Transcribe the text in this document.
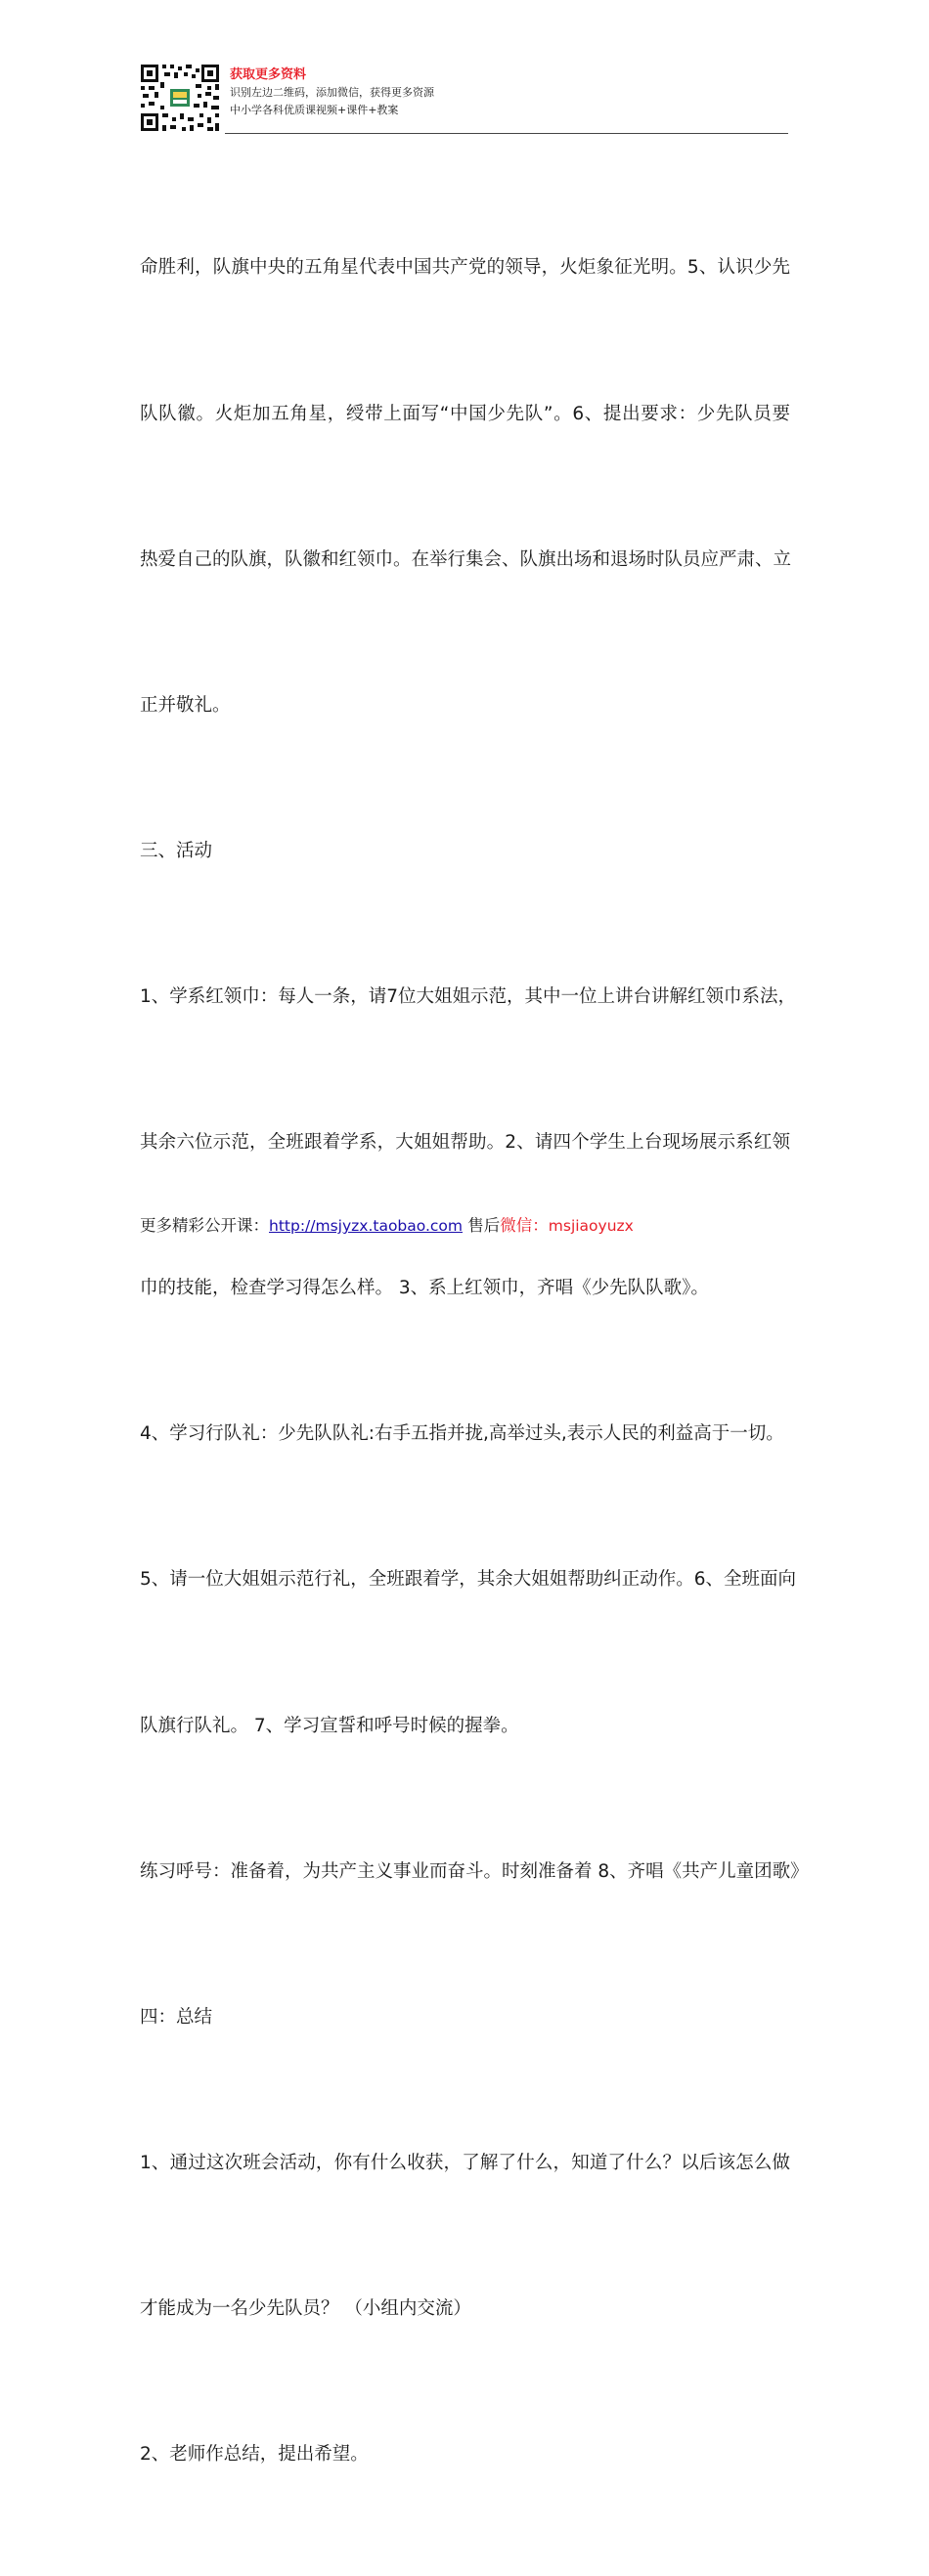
获取更多资料
识别左边二维码，添加微信，获得更多资源
中小学各科优质课视频+课件+教案

命胜利，队旗中央的五角星代表中国共产党的领导，火炬象征光明。5、认识少先

队队徽。火炬加五角星，绶带上面写“中国少先队”。6、提出要求：少先队员要

热爱自己的队旗，队徽和红领巾。在举行集会、队旗出场和退场时队员应严肃、立

正并敬礼。

三、活动

1、学系红领巾：每人一条，请7位大姐姐示范，其中一位上讲台讲解红领巾系法，

其余六位示范，全班跟着学系，大姐姐帮助。2、请四个学生上台现场展示系红领

巾的技能，检查学习得怎么样。 3、系上红领巾，齐唱《少先队队歌》。

4、学习行队礼：少先队队礼:右手五指并拢,高举过头,表示人民的利益高于一切。

5、请一位大姐姐示范行礼，全班跟着学，其余大姐姐帮助纠正动作。6、全班面向

队旗行队礼。 7、学习宣誓和呼号时候的握拳。

练习呼号：准备着，为共产主义事业而奋斗。时刻准备着 8、齐唱《共产儿童团歌》

四：总结

1、通过这次班会活动，你有什么收获，了解了什么，知道了什么？以后该怎么做

才能成为一名少先队员？ （小组内交流）

2、老师作总结，提出希望。

更多精彩公开课：http://msjyzx.taobao.com 售后微信：msjiaoyuzx
